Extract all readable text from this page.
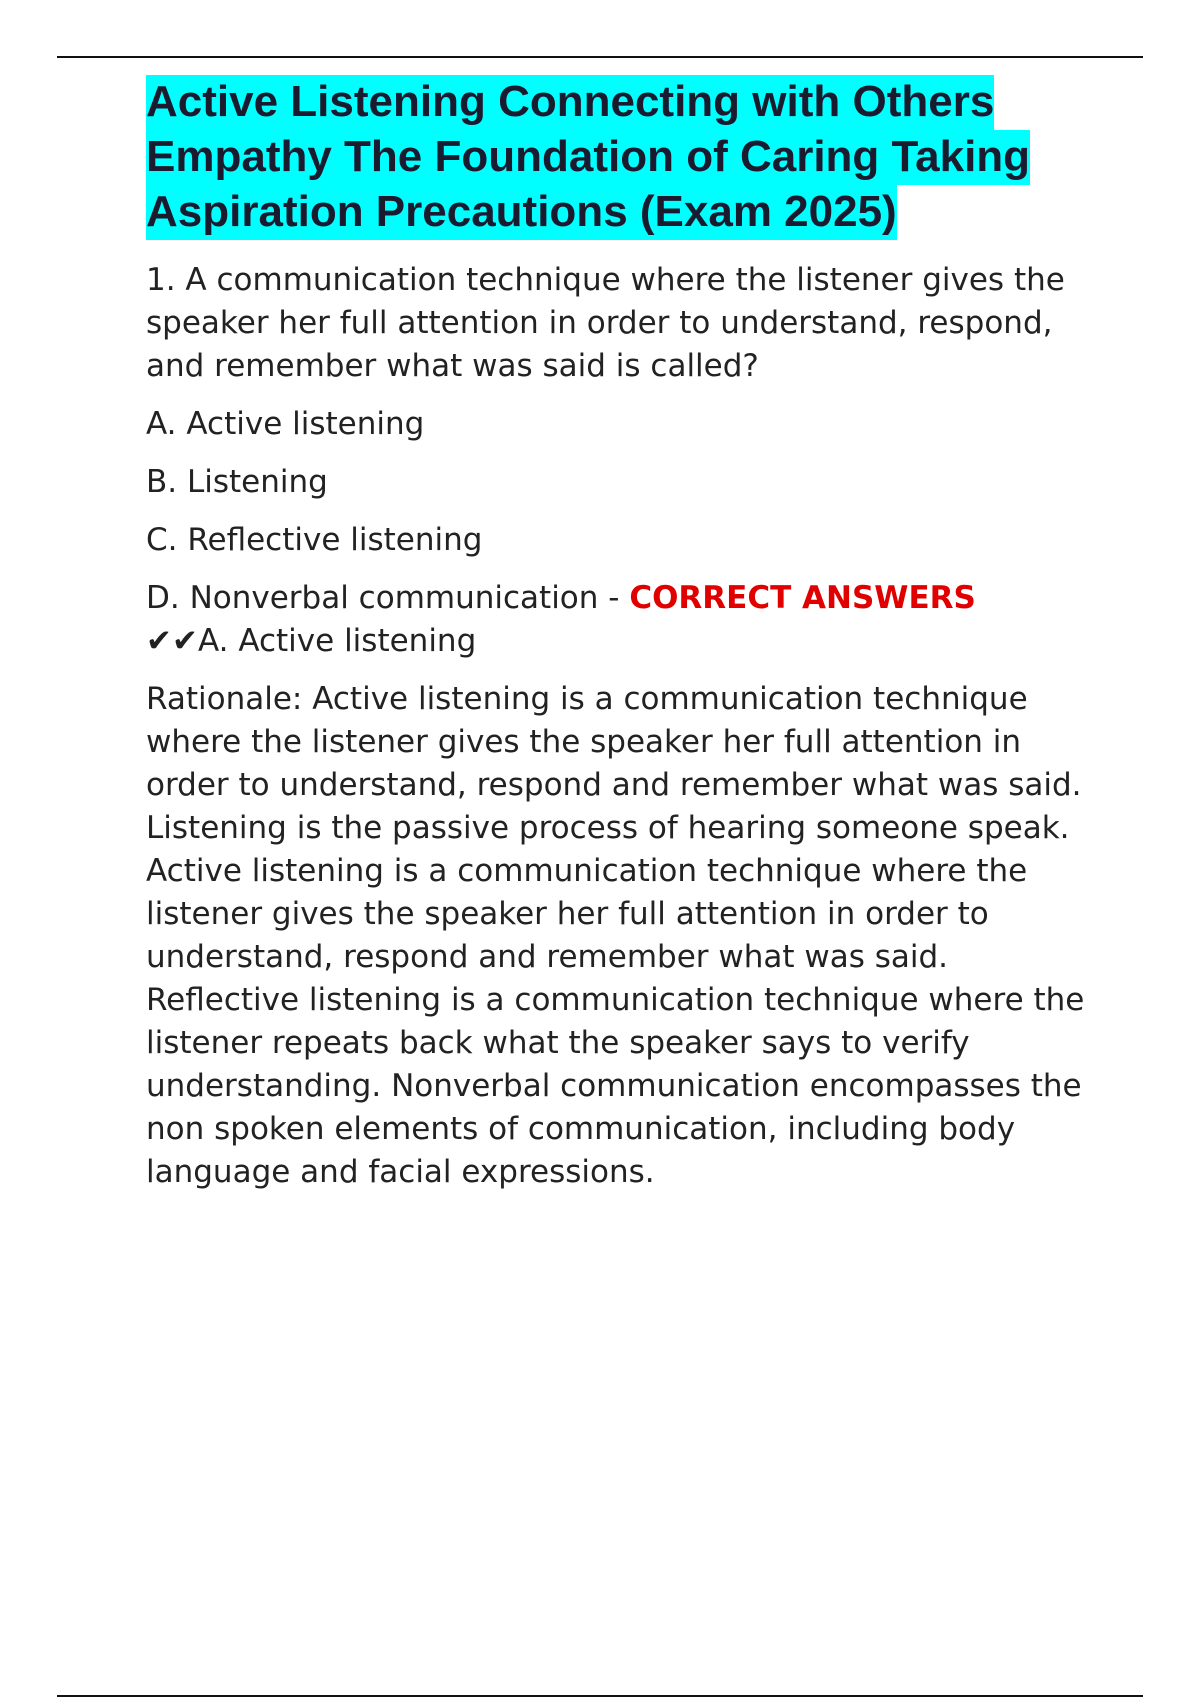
Active Listening Connecting with Others Empathy The Foundation of Caring Taking Aspiration Precautions (Exam 2025)

1. A communication technique where the listener gives the speaker her full attention in order to understand, respond, and remember what was said is called?

A. Active listening

B. Listening

C. Reflective listening

D. Nonverbal communication - CORRECT ANSWERS
✔✔A. Active listening

Rationale: Active listening is a communication technique where the listener gives the speaker her full attention in order to understand, respond and remember what was said. Listening is the passive process of hearing someone speak. Active listening is a communication technique where the listener gives the speaker her full attention in order to understand, respond and remember what was said. Reflective listening is a communication technique where the listener repeats back what the speaker says to verify understanding. Nonverbal communication encompasses the non spoken elements of communication, including body language and facial expressions.
